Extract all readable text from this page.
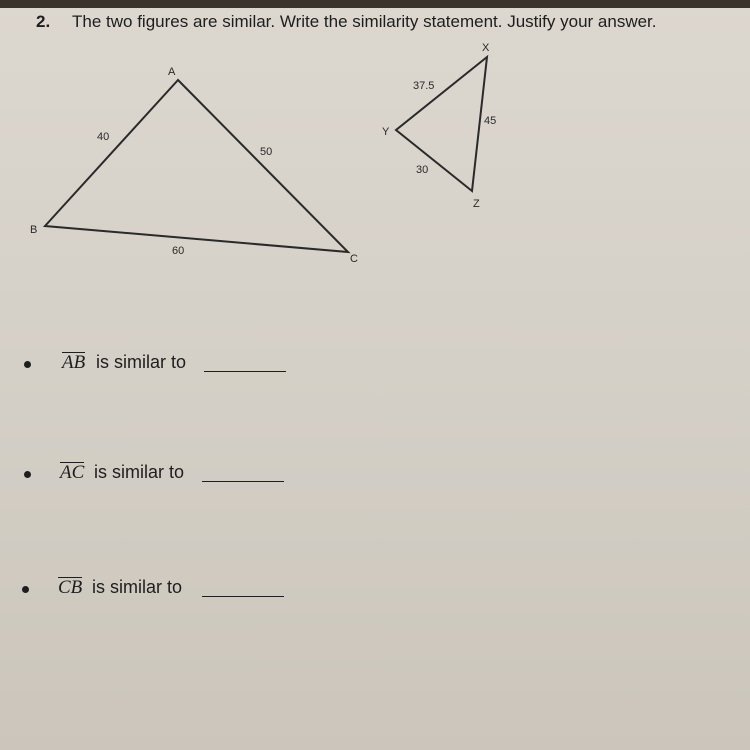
2. The two figures are similar. Write the similarity statement. Justify your answer.
A
B
C
40
50
60
X
Y
Z
37.5
45
30
AB is similar to
AC is similar to
CB is similar to
